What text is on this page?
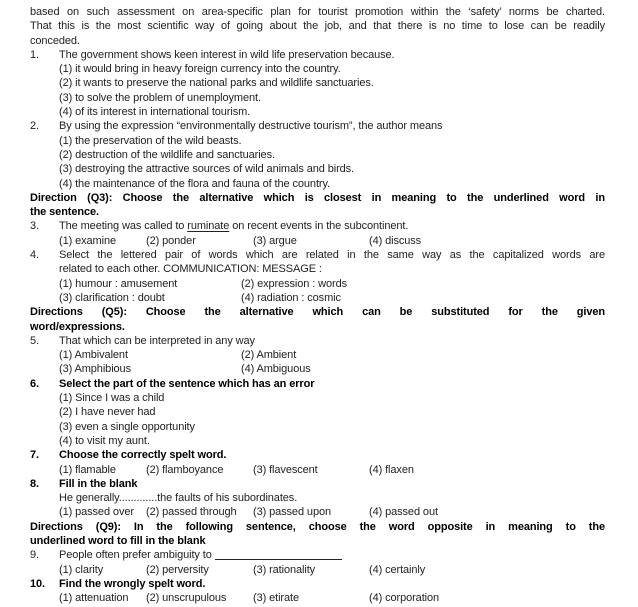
based on such assessment on area-specific plan for tourist promotion within the ‘safety’ norms be charted.
That this is the most scientific way of going about the job, and that there is no time to lose can be readily
conceded.
1.	The government shows keen interest in wild life preservation because.
(1) it would bring in heavy foreign currency into the country.
(2) it wants to preserve the national parks and wildlife sanctuaries.
(3) to solve the problem of unemployment.
(4) of its interest in international tourism.
2.	By using the expression “environmentally destructive tourism”, the author means
(1) the preservation of the wild beasts.
(2) destruction of the wildlife and sanctuaries.
(3) destroying the attractive sources of wild animals and birds.
(4) the maintenance of the flora and fauna of the country.
Direction (Q3): Choose the alternative which is closest in meaning to the underlined word in
the sentence.
3.	The meeting was called to ruminate on recent events in the subcontinent.
(1) examine	(2) ponder	(3) argue	(4) discuss
4.	Select the lettered pair of words which are related in the same way as the capitalized words are
related to each other. COMMUNICATION: MESSAGE :
(1) humour : amusement	(2) expression : words
(3) clarification : doubt	(4) radiation : cosmic
Directions (Q5): Choose the alternative which can be substituted for the given
word/expressions.
5.	That which can be interpreted in any way
(1) Ambivalent	(2) Ambient
(3) Amphibious	(4) Ambiguous
6.	Select the part of the sentence which has an error
(1) Since I was a child
(2) I have never had
(3) even a single opportunity
(4) to visit my aunt.
7.	Choose the correctly spelt word.
(1) flamable	(2) flamboyance	(3) flavescent	(4) flaxen
8.	Fill in the blank
He generally.............the faults of his subordinates.
(1) passed over	(2) passed through	(3) passed upon	(4) passed out
Directions (Q9): In the following sentence, choose the word opposite in meaning to the
underlined word to fill in the blank
9.	People often prefer ambiguity to
(1) clarity	(2) perversity	(3) rationality	(4) certainly
10.	Find the wrongly spelt word.
(1) attenuation	(2) unscrupulous	(3) etirate	(4) corporation
